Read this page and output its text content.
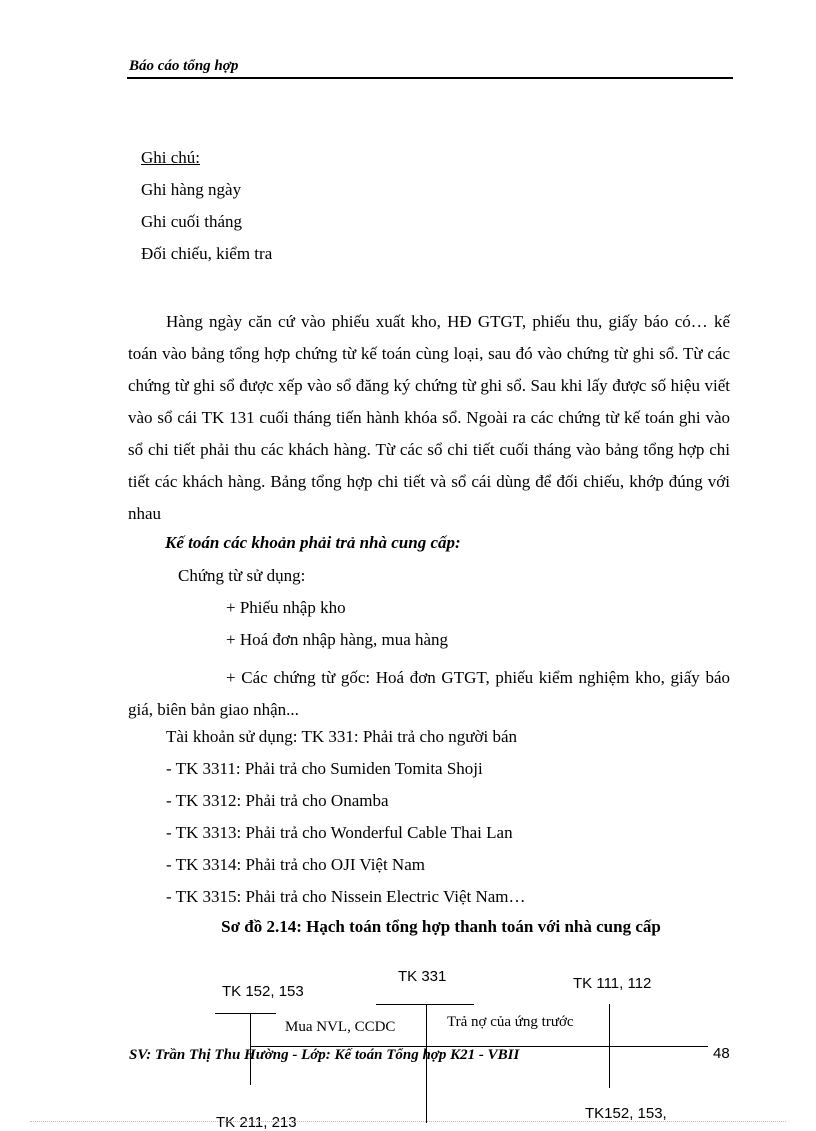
Báo cáo tổng hợp
Ghi chú:
Ghi hàng ngày
Ghi cuối tháng
Đối chiếu, kiểm tra
Hàng ngày căn cứ vào phiếu xuất kho, HĐ GTGT, phiếu thu, giấy báo có… kế toán vào bảng tổng hợp chứng từ kế toán cùng loại, sau đó vào chứng từ ghi sổ. Từ các chứng từ ghi sổ được xếp vào sổ đăng ký chứng từ ghi sổ. Sau khi lấy được số hiệu viết vào sổ cái TK 131 cuối tháng tiến hành khóa sổ. Ngoài ra các chứng từ kế toán ghi vào sổ chi tiết phải thu các khách hàng. Từ các sổ chi tiết cuối tháng vào bảng tổng hợp chi tiết các khách hàng. Bảng tổng hợp chi tiết và sổ cái dùng để đối chiếu, khớp đúng với nhau
Kế toán các khoản phải trả nhà cung cấp:
Chứng từ sử dụng:
+ Phiếu nhập kho
+ Hoá đơn nhập hàng, mua hàng
+ Các chứng từ gốc: Hoá đơn GTGT, phiếu kiểm nghiệm kho, giấy báo giá, biên bản giao nhận...
Tài khoản sử dụng: TK 331: Phải trả cho người bán
- TK 3311: Phải trả cho Sumiden Tomita Shoji
- TK 3312: Phải trả cho Onamba
- TK 3313: Phải trả cho Wonderful Cable Thai Lan
- TK 3314: Phải trả cho OJI Việt Nam
- TK 3315: Phải trả cho Nissein Electric Việt Nam…
Sơ đồ 2.14: Hạch toán tổng hợp thanh toán với nhà cung cấp
TK 331
TK 152, 153	TK 111, 112
TK 211, 213
TK152, 153,
Mua NVL, CCDC	Trả nợ của ứng trước
SV: Trần Thị Thu Hường - Lớp: Kế toán Tổng hợp K21 - VBII	48
